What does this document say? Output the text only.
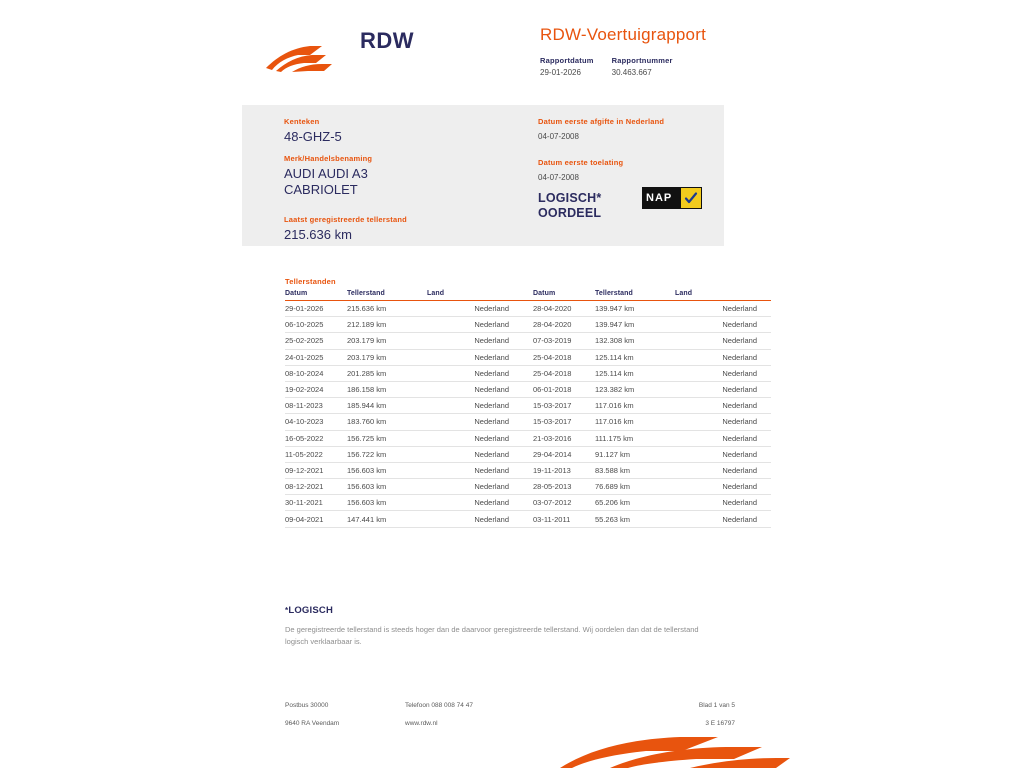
RDW	RDW-Voertuigrapport
Rapportdatum
29-01-2026
Rapportnummer
30.463.667
Kenteken
48-GHZ-5
Merk/Handelsbenaming
AUDI AUDI A3
CABRIOLET
Laatst geregistreerde tellerstand
215.636 km
Datum eerste afgifte in Nederland
04-07-2008
Datum eerste toelating
04-07-2008
LOGISCH*
OORDEEL
NAP
Tellerstanden
Datum	Tellerstand	Land		Datum	Tellerstand	Land
29-01-2026	215.636 km	Nederland		28-04-2020	139.947 km	Nederland
06-10-2025	212.189 km	Nederland		28-04-2020	139.947 km	Nederland
25-02-2025	203.179 km	Nederland		07-03-2019	132.308 km	Nederland
24-01-2025	203.179 km	Nederland		25-04-2018	125.114 km	Nederland
08-10-2024	201.285 km	Nederland		25-04-2018	125.114 km	Nederland
19-02-2024	186.158 km	Nederland		06-01-2018	123.382 km	Nederland
08-11-2023	185.944 km	Nederland		15-03-2017	117.016 km	Nederland
04-10-2023	183.760 km	Nederland		15-03-2017	117.016 km	Nederland
16-05-2022	156.725 km	Nederland		21-03-2016	111.175 km	Nederland
11-05-2022	156.722 km	Nederland		29-04-2014	91.127 km	Nederland
09-12-2021	156.603 km	Nederland		19-11-2013	83.588 km	Nederland
08-12-2021	156.603 km	Nederland		28-05-2013	76.689 km	Nederland
30-11-2021	156.603 km	Nederland		03-07-2012	65.206 km	Nederland
09-04-2021	147.441 km	Nederland		03-11-2011	55.263 km	Nederland
*LOGISCH
De geregistreerde tellerstand is steeds hoger dan de daarvoor geregistreerde tellerstand. Wij oordelen dan dat de tellerstand logisch verklaarbaar is.
Postbus 30000
9640 RA Veendam
Telefoon 088 008 74 47
www.rdw.nl
Blad 1 van 5
3 E 16797
